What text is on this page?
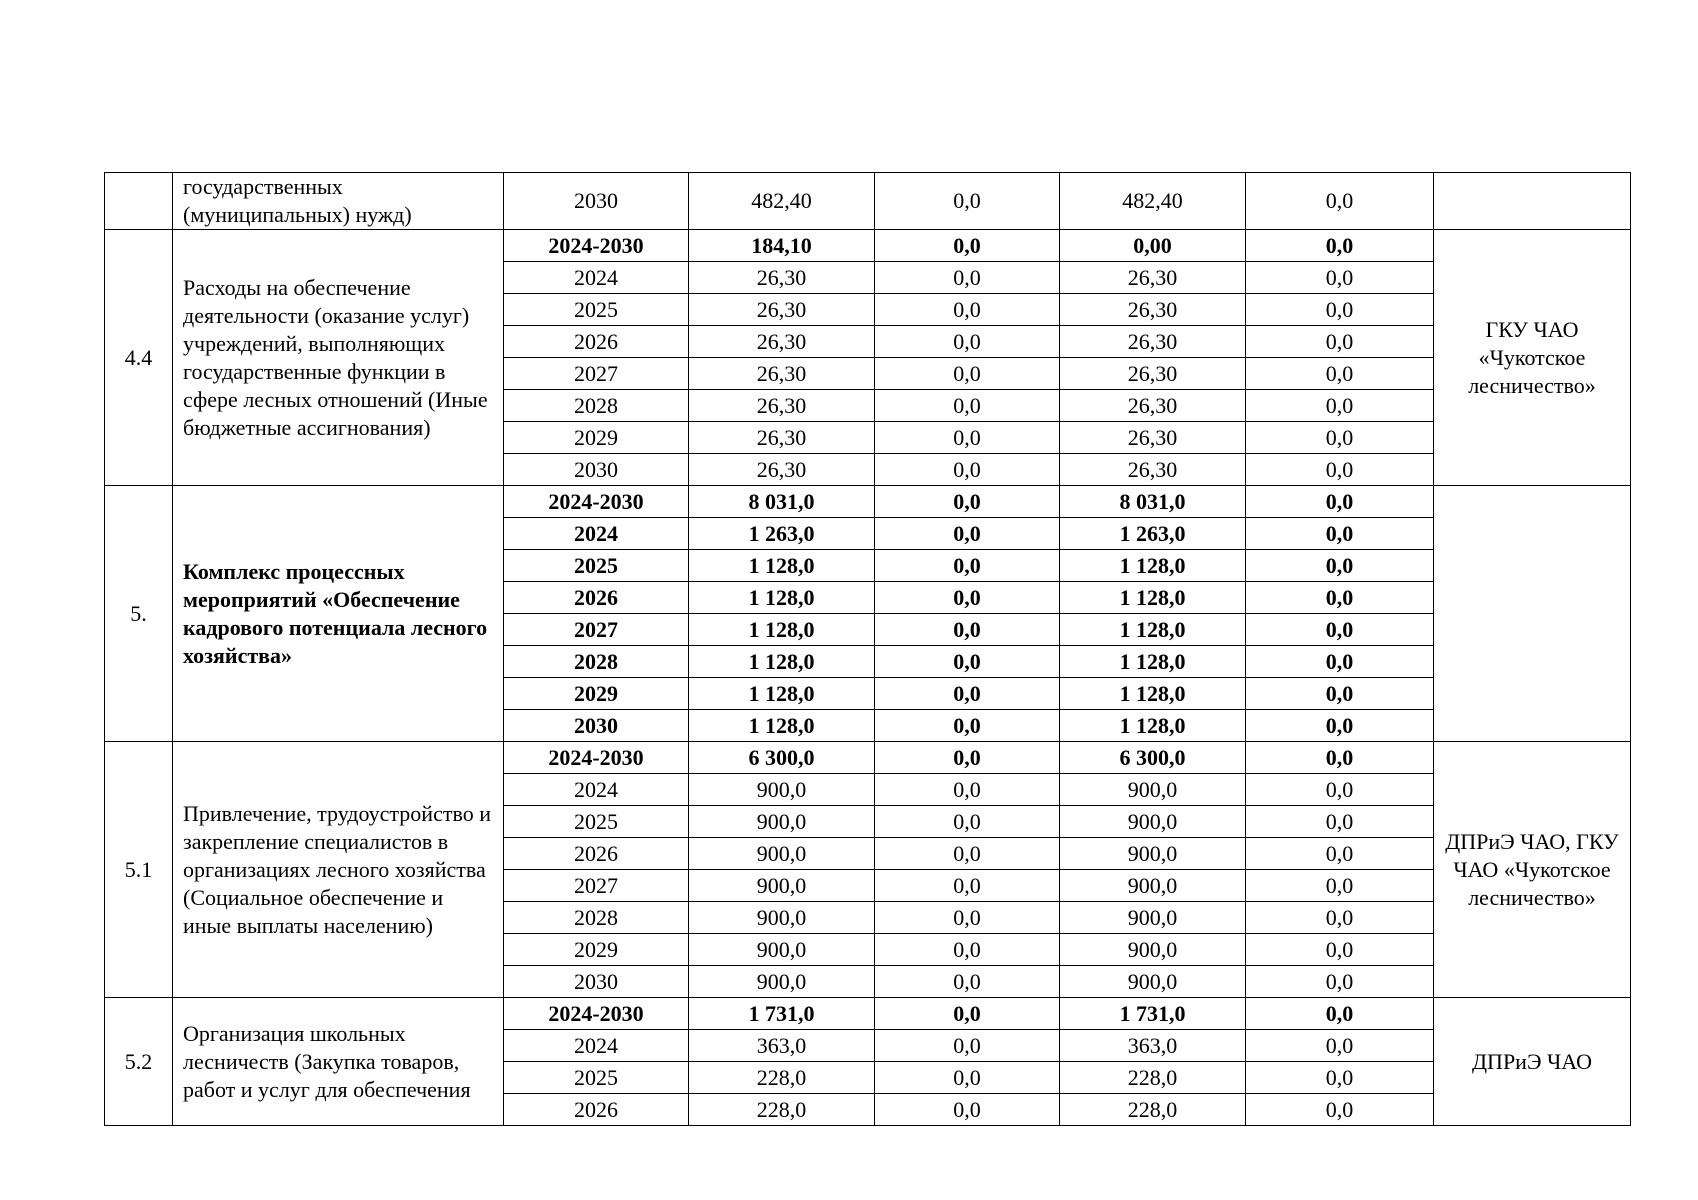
	государственных (муниципальных) нужд)	2030	482,40	0,0	482,40	0,0	
4.4	Расходы на обеспечение деятельности (оказание услуг) учреждений, выполняющих государственные функции в сфере лесных отношений (Иные бюджетные ассигнования)	2024-2030	184,10	0,0	0,00	0,0	ГКУ ЧАО «Чукотское лесничество»
		2024	26,30	0,0	26,30	0,0	
		2025	26,30	0,0	26,30	0,0	
		2026	26,30	0,0	26,30	0,0	
		2027	26,30	0,0	26,30	0,0	
		2028	26,30	0,0	26,30	0,0	
		2029	26,30	0,0	26,30	0,0	
		2030	26,30	0,0	26,30	0,0	
5.	Комплекс процессных мероприятий «Обеспечение кадрового потенциала лесного хозяйства»	2024-2030	8 031,0	0,0	8 031,0	0,0	
		2024	1 263,0	0,0	1 263,0	0,0	
		2025	1 128,0	0,0	1 128,0	0,0	
		2026	1 128,0	0,0	1 128,0	0,0	
		2027	1 128,0	0,0	1 128,0	0,0	
		2028	1 128,0	0,0	1 128,0	0,0	
		2029	1 128,0	0,0	1 128,0	0,0	
		2030	1 128,0	0,0	1 128,0	0,0	
5.1	Привлечение, трудоустройство и закрепление специалистов в организациях лесного хозяйства (Социальное обеспечение и иные выплаты населению)	2024-2030	6 300,0	0,0	6 300,0	0,0	ДПРиЭ ЧАО, ГКУ ЧАО «Чукотское лесничество»
		2024	900,0	0,0	900,0	0,0	
		2025	900,0	0,0	900,0	0,0	
		2026	900,0	0,0	900,0	0,0	
		2027	900,0	0,0	900,0	0,0	
		2028	900,0	0,0	900,0	0,0	
		2029	900,0	0,0	900,0	0,0	
		2030	900,0	0,0	900,0	0,0	
5.2	Организация школьных лесничеств (Закупка товаров, работ и услуг для обеспечения	2024-2030	1 731,0	0,0	1 731,0	0,0	ДПРиЭ ЧАО
		2024	363,0	0,0	363,0	0,0	
		2025	228,0	0,0	228,0	0,0	
		2026	228,0	0,0	228,0	0,0	
